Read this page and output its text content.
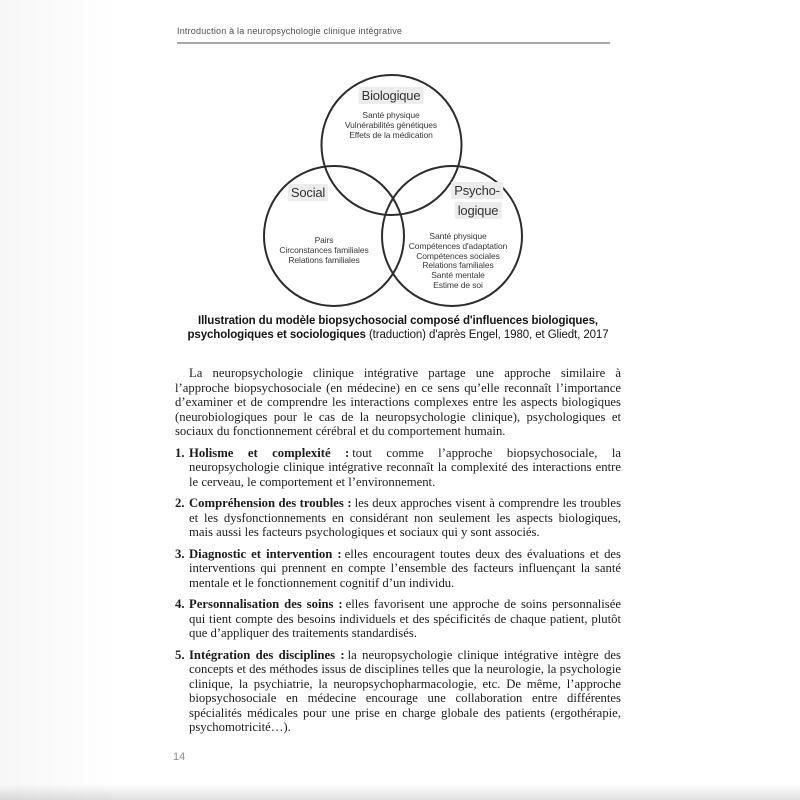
Introduction à la neuropsychologie clinique intégrative
Biologique
Santé physique
Vulnérabilités génétiques
Effets de la médication
Social
Pairs
Circonstances familiales
Relations familiales
Psycho-
logique
Santé physique
Compétences d'adaptation
Compétences sociales
Relations familiales
Santé mentale
Estime de soi
Illustration du modèle biopsychosocial composé d'influences biologiques,
psychologiques et sociologiques (traduction) d'après Engel, 1980, et Gliedt, 2017

La neuropsychologie clinique intégrative partage une approche similaire à l’approche biopsychosociale (en médecine) en ce sens qu’elle reconnaît l’importance d’examiner et de comprendre les interactions complexes entre les aspects biologiques (neurobiologiques pour le cas de la neuropsychologie clinique), psychologiques et sociaux du fonctionnement cérébral et du comportement humain.

1. Holisme et complexité : tout comme l’approche biopsychosociale, la neuropsychologie clinique intégrative reconnaît la complexité des interactions entre le cerveau, le comportement et l’environnement.
2. Compréhension des troubles : les deux approches visent à comprendre les troubles et les dysfonctionnements en considérant non seulement les aspects biologiques, mais aussi les facteurs psychologiques et sociaux qui y sont associés.
3. Diagnostic et intervention : elles encouragent toutes deux des évaluations et des interventions qui prennent en compte l’ensemble des facteurs influençant la santé mentale et le fonctionnement cognitif d’un individu.
4. Personnalisation des soins : elles favorisent une approche de soins personnalisée qui tient compte des besoins individuels et des spécificités de chaque patient, plutôt que d’appliquer des traitements standardisés.
5. Intégration des disciplines : la neuropsychologie clinique intégrative intègre des concepts et des méthodes issus de disciplines telles que la neurologie, la psychologie clinique, la psychiatrie, la neuropsychopharmacologie, etc. De même, l’approche biopsychosociale en médecine encourage une collaboration entre différentes spécialités médicales pour une prise en charge globale des patients (ergothérapie, psychomotricité…).
14
